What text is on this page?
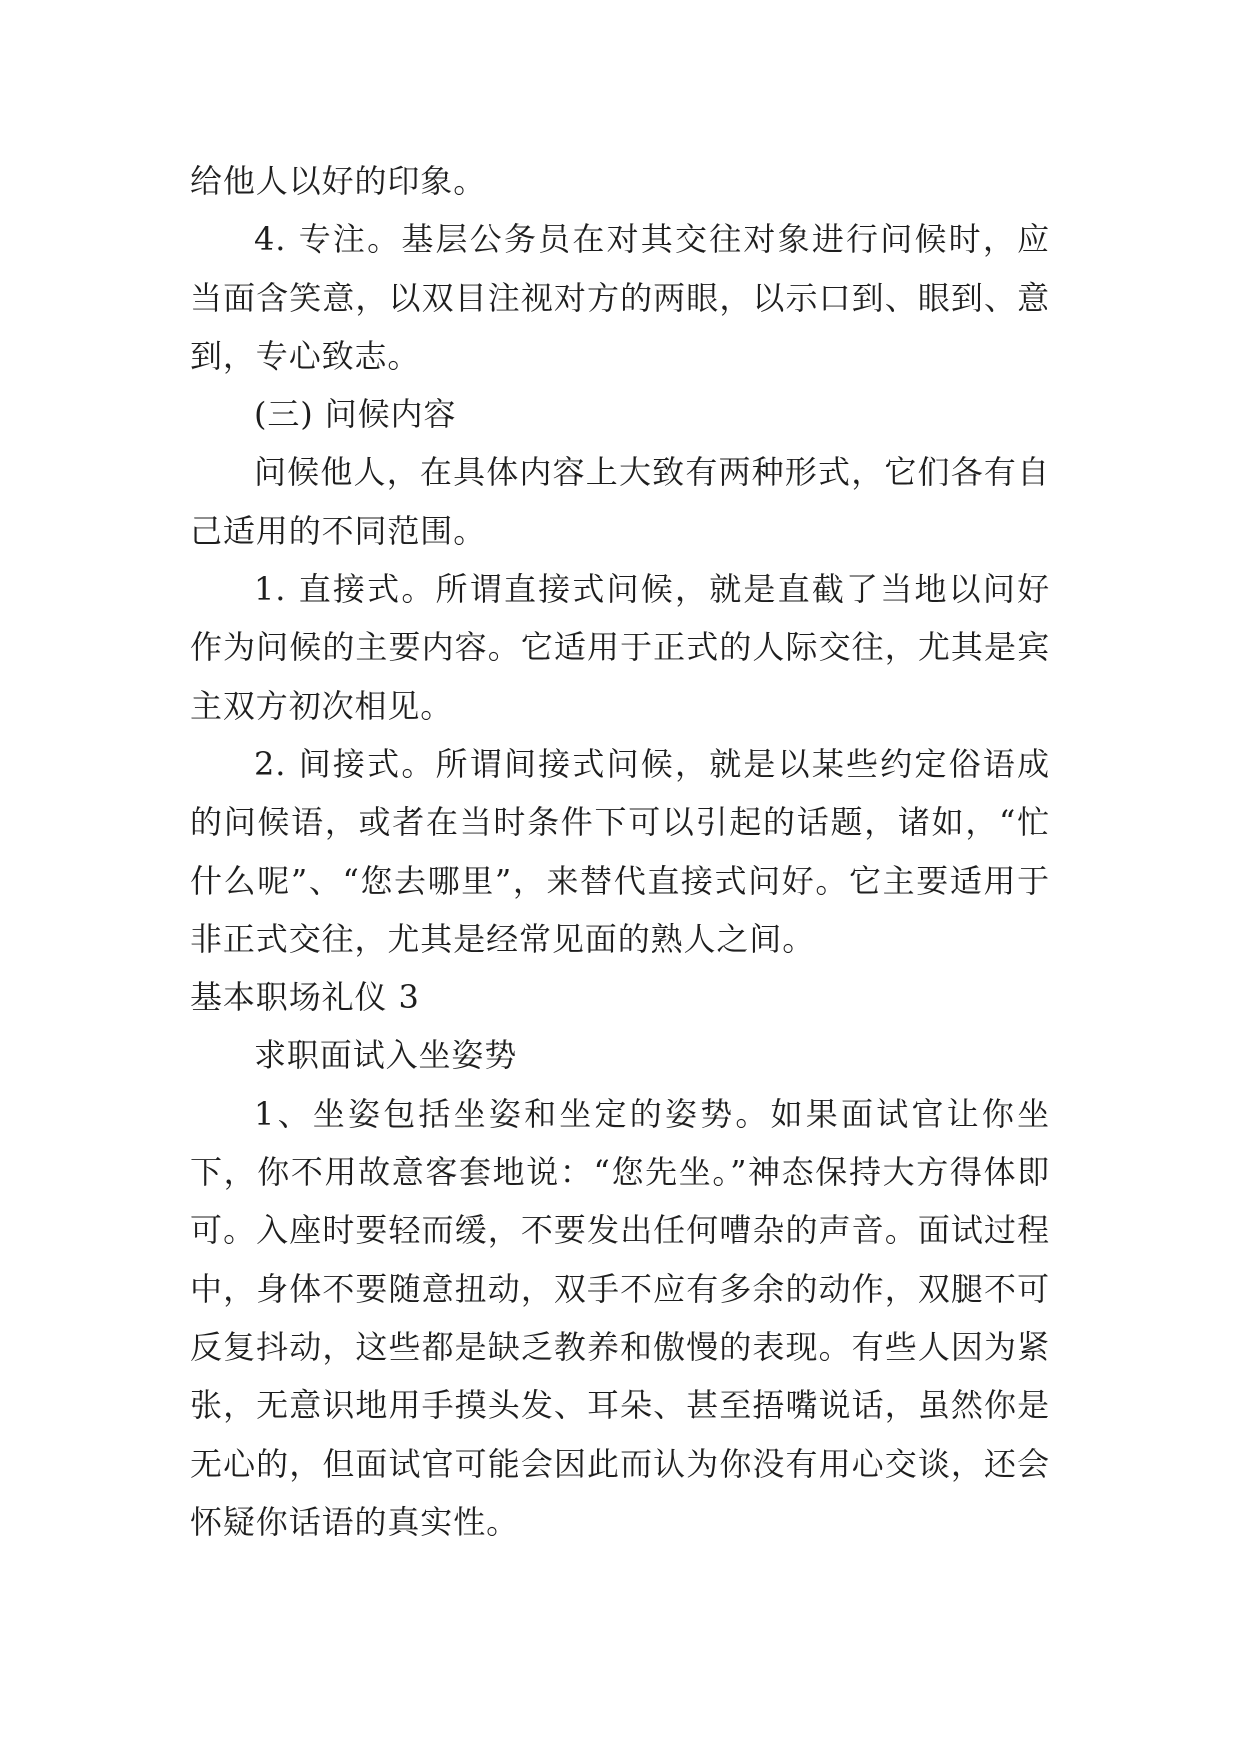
给他人以好的印象。

4. 专注。基层公务员在对其交往对象进行问候时，应当面含笑意，以双目注视对方的两眼，以示口到、眼到、意到，专心致志。

(三) 问候内容

问候他人，在具体内容上大致有两种形式，它们各有自己适用的不同范围。

1. 直接式。所谓直接式问候，就是直截了当地以问好作为问候的主要内容。它适用于正式的人际交往，尤其是宾主双方初次相见。

2. 间接式。所谓间接式问候，就是以某些约定俗语成的问候语，或者在当时条件下可以引起的话题，诸如，“忙什么呢”、“您去哪里”，来替代直接式问好。它主要适用于非正式交往，尤其是经常见面的熟人之间。

基本职场礼仪 3

求职面试入坐姿势

1、坐姿包括坐姿和坐定的姿势。如果面试官让你坐下，你不用故意客套地说：“您先坐。”神态保持大方得体即可。入座时要轻而缓，不要发出任何嘈杂的声音。面试过程中，身体不要随意扭动，双手不应有多余的动作，双腿不可反复抖动，这些都是缺乏教养和傲慢的表现。有些人因为紧张，无意识地用手摸头发、耳朵、甚至捂嘴说话，虽然你是无心的，但面试官可能会因此而认为你没有用心交谈，还会怀疑你话语的真实性。
